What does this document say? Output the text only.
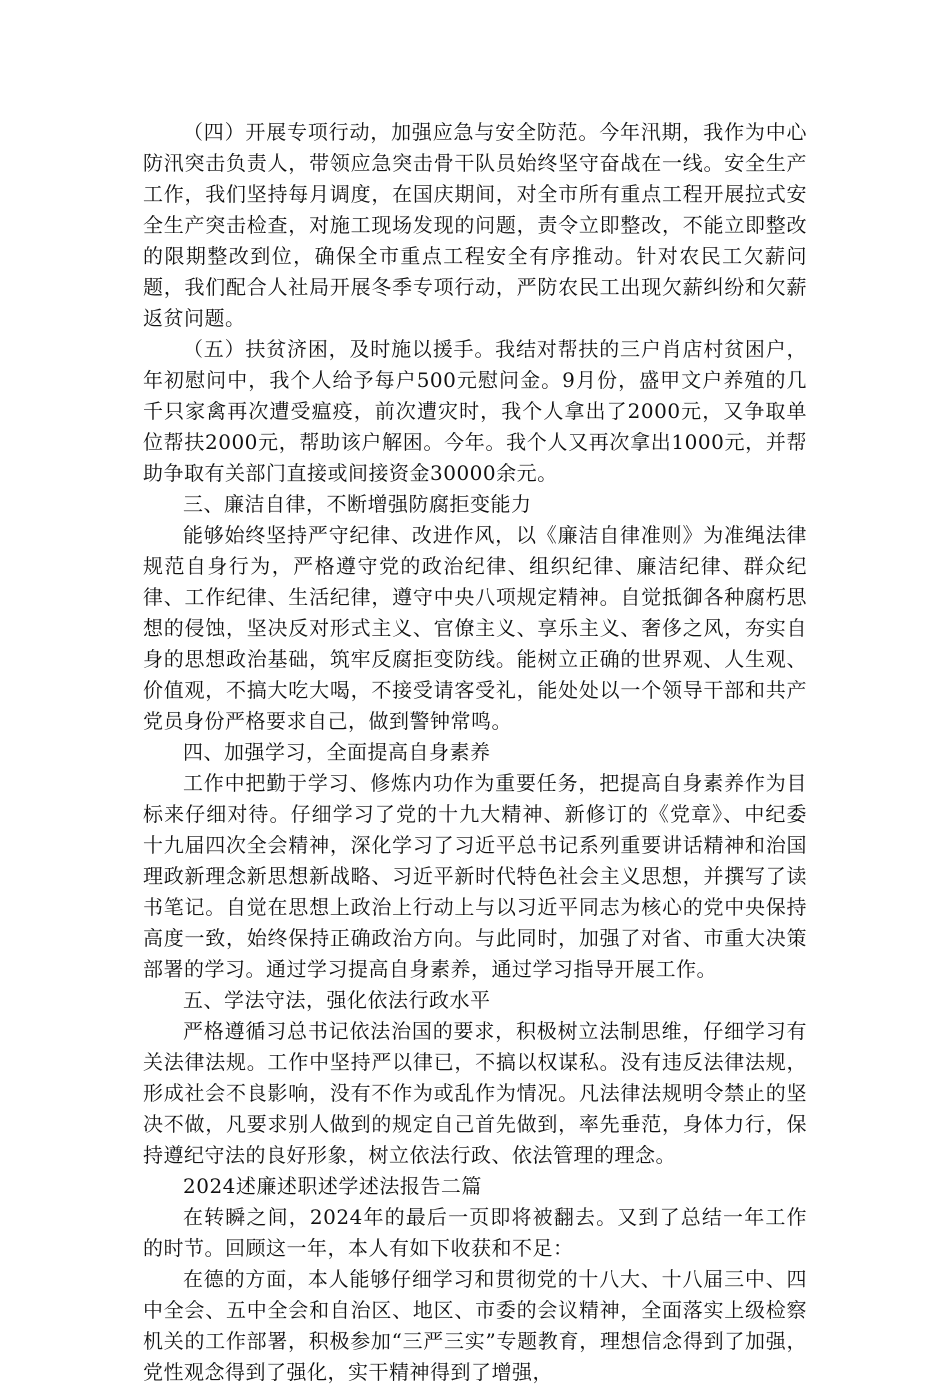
（四）开展专项行动，加强应急与安全防范。今年汛期，我作为中心防汛突击负责人，带领应急突击骨干队员始终坚守奋战在一线。安全生产工作，我们坚持每月调度，在国庆期间，对全市所有重点工程开展拉式安全生产突击检查，对施工现场发现的问题，责令立即整改，不能立即整改的限期整改到位，确保全市重点工程安全有序推动。针对农民工欠薪问题，我们配合人社局开展冬季专项行动，严防农民工出现欠薪纠纷和欠薪返贫问题。

（五）扶贫济困，及时施以援手。我结对帮扶的三户肖店村贫困户，年初慰问中，我个人给予每户500元慰问金。9月份，盛甲文户养殖的几千只家禽再次遭受瘟疫，前次遭灾时，我个人拿出了2000元，又争取单位帮扶2000元，帮助该户解困。今年。我个人又再次拿出1000元，并帮助争取有关部门直接或间接资金30000余元。

三、廉洁自律，不断增强防腐拒变能力

能够始终坚持严守纪律、改进作风，以《廉洁自律准则》为准绳法律规范自身行为，严格遵守党的政治纪律、组织纪律、廉洁纪律、群众纪律、工作纪律、生活纪律，遵守中央八项规定精神。自觉抵御各种腐朽思想的侵蚀，坚决反对形式主义、官僚主义、享乐主义、奢侈之风，夯实自身的思想政治基础，筑牢反腐拒变防线。能树立正确的世界观、人生观、价值观，不搞大吃大喝，不接受请客受礼，能处处以一个领导干部和共产党员身份严格要求自己，做到警钟常鸣。

四、加强学习，全面提高自身素养

工作中把勤于学习、修炼内功作为重要任务，把提高自身素养作为目标来仔细对待。仔细学习了党的十九大精神、新修订的《党章》、中纪委十九届四次全会精神，深化学习了习近平总书记系列重要讲话精神和治国理政新理念新思想新战略、习近平新时代特色社会主义思想，并撰写了读书笔记。自觉在思想上政治上行动上与以习近平同志为核心的党中央保持高度一致，始终保持正确政治方向。与此同时，加强了对省、市重大决策部署的学习。通过学习提高自身素养，通过学习指导开展工作。

五、学法守法，强化依法行政水平

严格遵循习总书记依法治国的要求，积极树立法制思维，仔细学习有关法律法规。工作中坚持严以律已，不搞以权谋私。没有违反法律法规，形成社会不良影响，没有不作为或乱作为情况。凡法律法规明令禁止的坚决不做，凡要求别人做到的规定自己首先做到，率先垂范，身体力行，保持遵纪守法的良好形象，树立依法行政、依法管理的理念。

2024述廉述职述学述法报告二篇

在转瞬之间，2024年的最后一页即将被翻去。又到了总结一年工作的时节。回顾这一年，本人有如下收获和不足：

在德的方面，本人能够仔细学习和贯彻党的十八大、十八届三中、四中全会、五中全会和自治区、地区、市委的会议精神，全面落实上级检察机关的工作部署，积极参加“三严三实”专题教育，理想信念得到了加强，党性观念得到了强化，实干精神得到了增强，
